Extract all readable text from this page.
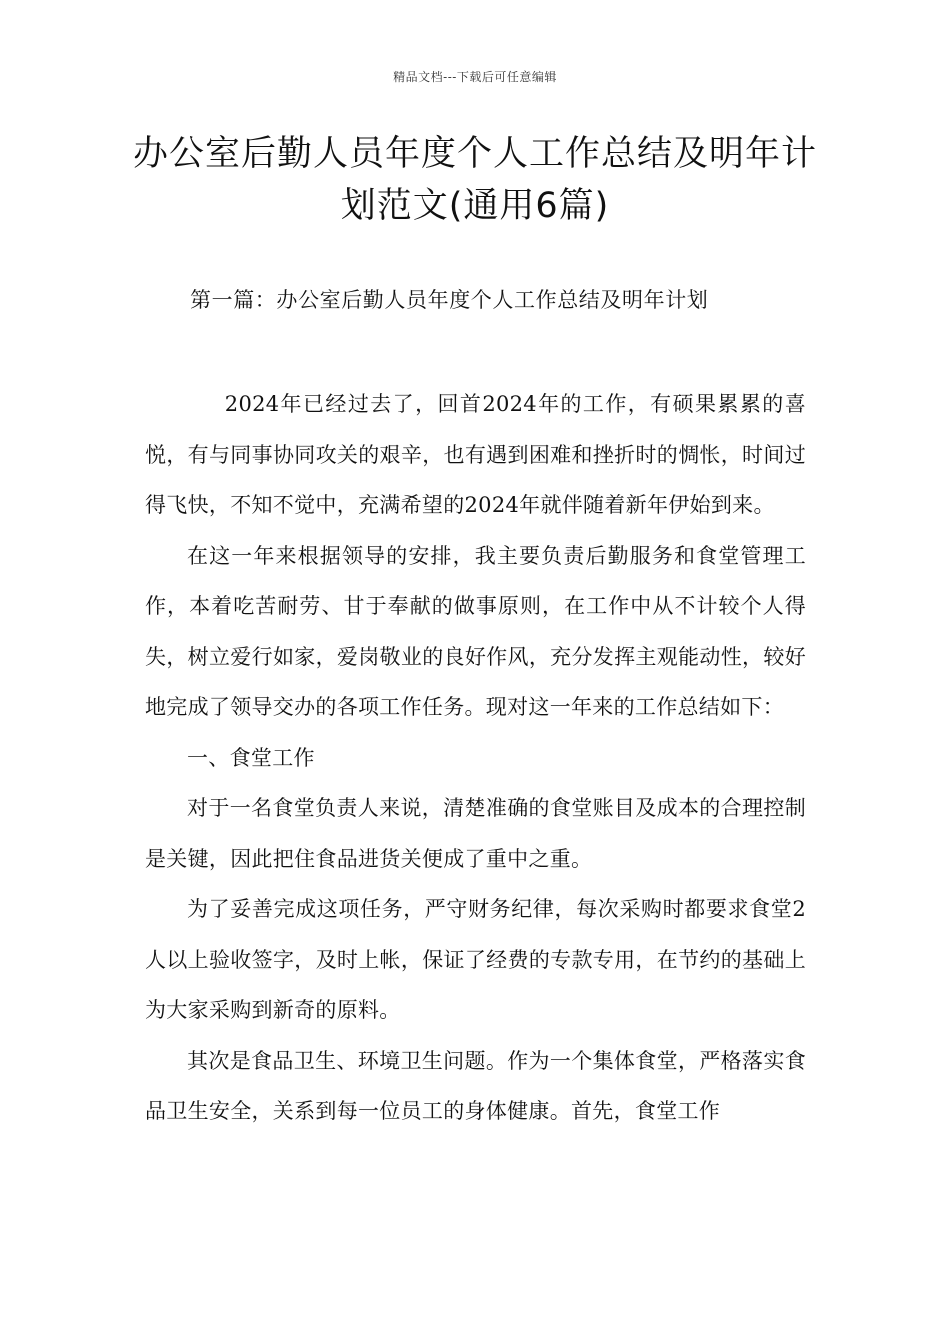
精品文档---下载后可任意编辑
办公室后勤人员年度个人工作总结及明年计划范文(通用6篇)
第一篇：办公室后勤人员年度个人工作总结及明年计划

2024年已经过去了，回首2024年的工作，有硕果累累的喜悦，有与同事协同攻关的艰辛，也有遇到困难和挫折时的惆怅，时间过得飞快，不知不觉中，充满希望的2024年就伴随着新年伊始到来。

在这一年来根据领导的安排，我主要负责后勤服务和食堂管理工作，本着吃苦耐劳、甘于奉献的做事原则，在工作中从不计较个人得失，树立爱行如家，爱岗敬业的良好作风，充分发挥主观能动性，较好地完成了领导交办的各项工作任务。现对这一年来的工作总结如下：

一、食堂工作

对于一名食堂负责人来说，清楚准确的食堂账目及成本的合理控制是关键，因此把住食品进货关便成了重中之重。

为了妥善完成这项任务，严守财务纪律，每次采购时都要求食堂2人以上验收签字，及时上帐，保证了经费的专款专用，在节约的基础上为大家采购到新奇的原料。

其次是食品卫生、环境卫生问题。作为一个集体食堂，严格落实食品卫生安全，关系到每一位员工的身体健康。首先，食堂工作
